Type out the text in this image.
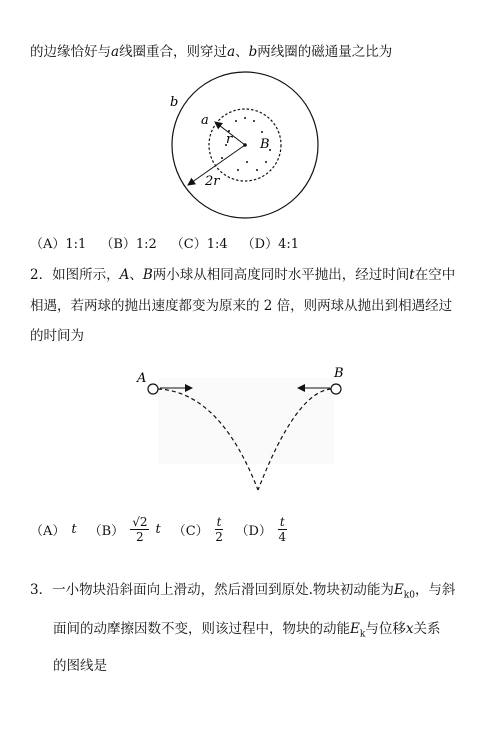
的边缘恰好与a线圈重合，则穿过a、b两线圈的磁通量之比为
b
a
r B
2r
A	B
（A）1:1 （B）1:2 （C）1:4 （D）4:1
2．如图所示，A、B两小球从相同高度同时水平抛出，经过时间t在空中
相遇，若两球的抛出速度都变为原来的 2 倍，则两球从抛出到相遇经过
的时间为
（A） t $(B) \frac{√2}{2}$ t $(C) \frac{t}{2} (D) \frac{t}{4}$
3．一小物块沿斜面向上滑动，然后滑回到原处.物块初动能为$E_{k0}$，与斜
面间的动摩擦因数不变，则该过程中，物块的动能$E_k$与位移x关系
的图线是
